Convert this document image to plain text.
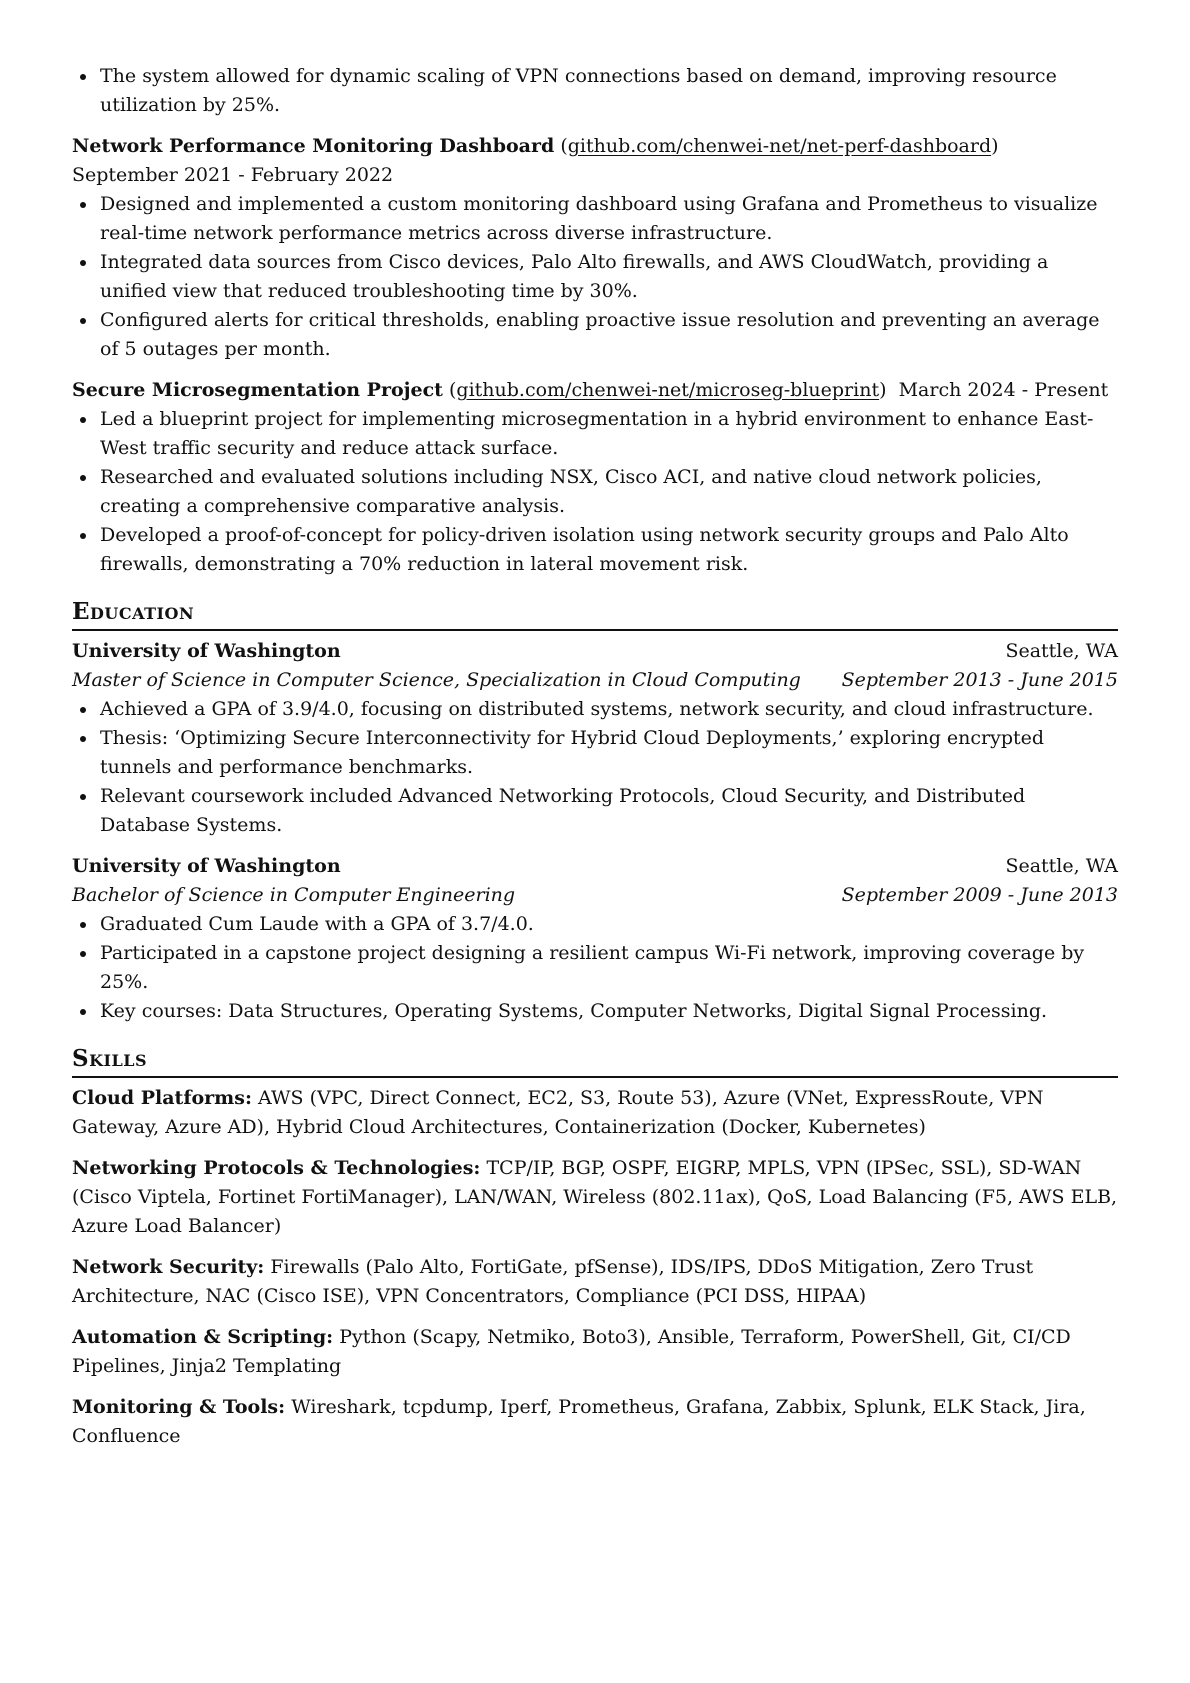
The system allowed for dynamic scaling of VPN connections based on demand, improving resource utilization by 25%.
Network Performance Monitoring Dashboard (github.com/chenwei-net/net-perf-dashboard)   September 2021 - February 2022
Designed and implemented a custom monitoring dashboard using Grafana and Prometheus to visualize real-time network performance metrics across diverse infrastructure.
Integrated data sources from Cisco devices, Palo Alto firewalls, and AWS CloudWatch, providing a unified view that reduced troubleshooting time by 30%.
Configured alerts for critical thresholds, enabling proactive issue resolution and preventing an average of 5 outages per month.
Secure Microsegmentation Project (github.com/chenwei-net/microseg-blueprint)  March 2024 - Present
Led a blueprint project for implementing microsegmentation in a hybrid environment to enhance East-West traffic security and reduce attack surface.
Researched and evaluated solutions including NSX, Cisco ACI, and native cloud network policies, creating a comprehensive comparative analysis.
Developed a proof-of-concept for policy-driven isolation using network security groups and Palo Alto firewalls, demonstrating a 70% reduction in lateral movement risk.
Education
University of Washington	Seattle, WA
Master of Science in Computer Science, Specialization in Cloud Computing	September 2013 - June 2015
Achieved a GPA of 3.9/4.0, focusing on distributed systems, network security, and cloud infrastructure.
Thesis: ‘Optimizing Secure Interconnectivity for Hybrid Cloud Deployments,’ exploring encrypted tunnels and performance benchmarks.
Relevant coursework included Advanced Networking Protocols, Cloud Security, and Distributed Database Systems.
University of Washington	Seattle, WA
Bachelor of Science in Computer Engineering	September 2009 - June 2013
Graduated Cum Laude with a GPA of 3.7/4.0.
Participated in a capstone project designing a resilient campus Wi-Fi network, improving coverage by 25%.
Key courses: Data Structures, Operating Systems, Computer Networks, Digital Signal Processing.
Skills
Cloud Platforms: AWS (VPC, Direct Connect, EC2, S3, Route 53), Azure (VNet, ExpressRoute, VPN Gateway, Azure AD), Hybrid Cloud Architectures, Containerization (Docker, Kubernetes)
Networking Protocols & Technologies: TCP/IP, BGP, OSPF, EIGRP, MPLS, VPN (IPSec, SSL), SD-WAN (Cisco Viptela, Fortinet FortiManager), LAN/WAN, Wireless (802.11ax), QoS, Load Balancing (F5, AWS ELB, Azure Load Balancer)
Network Security: Firewalls (Palo Alto, FortiGate, pfSense), IDS/IPS, DDoS Mitigation, Zero Trust Architecture, NAC (Cisco ISE), VPN Concentrators, Compliance (PCI DSS, HIPAA)
Automation & Scripting: Python (Scapy, Netmiko, Boto3), Ansible, Terraform, PowerShell, Git, CI/CD Pipelines, Jinja2 Templating
Monitoring & Tools: Wireshark, tcpdump, Iperf, Prometheus, Grafana, Zabbix, Splunk, ELK Stack, Jira, Confluence
